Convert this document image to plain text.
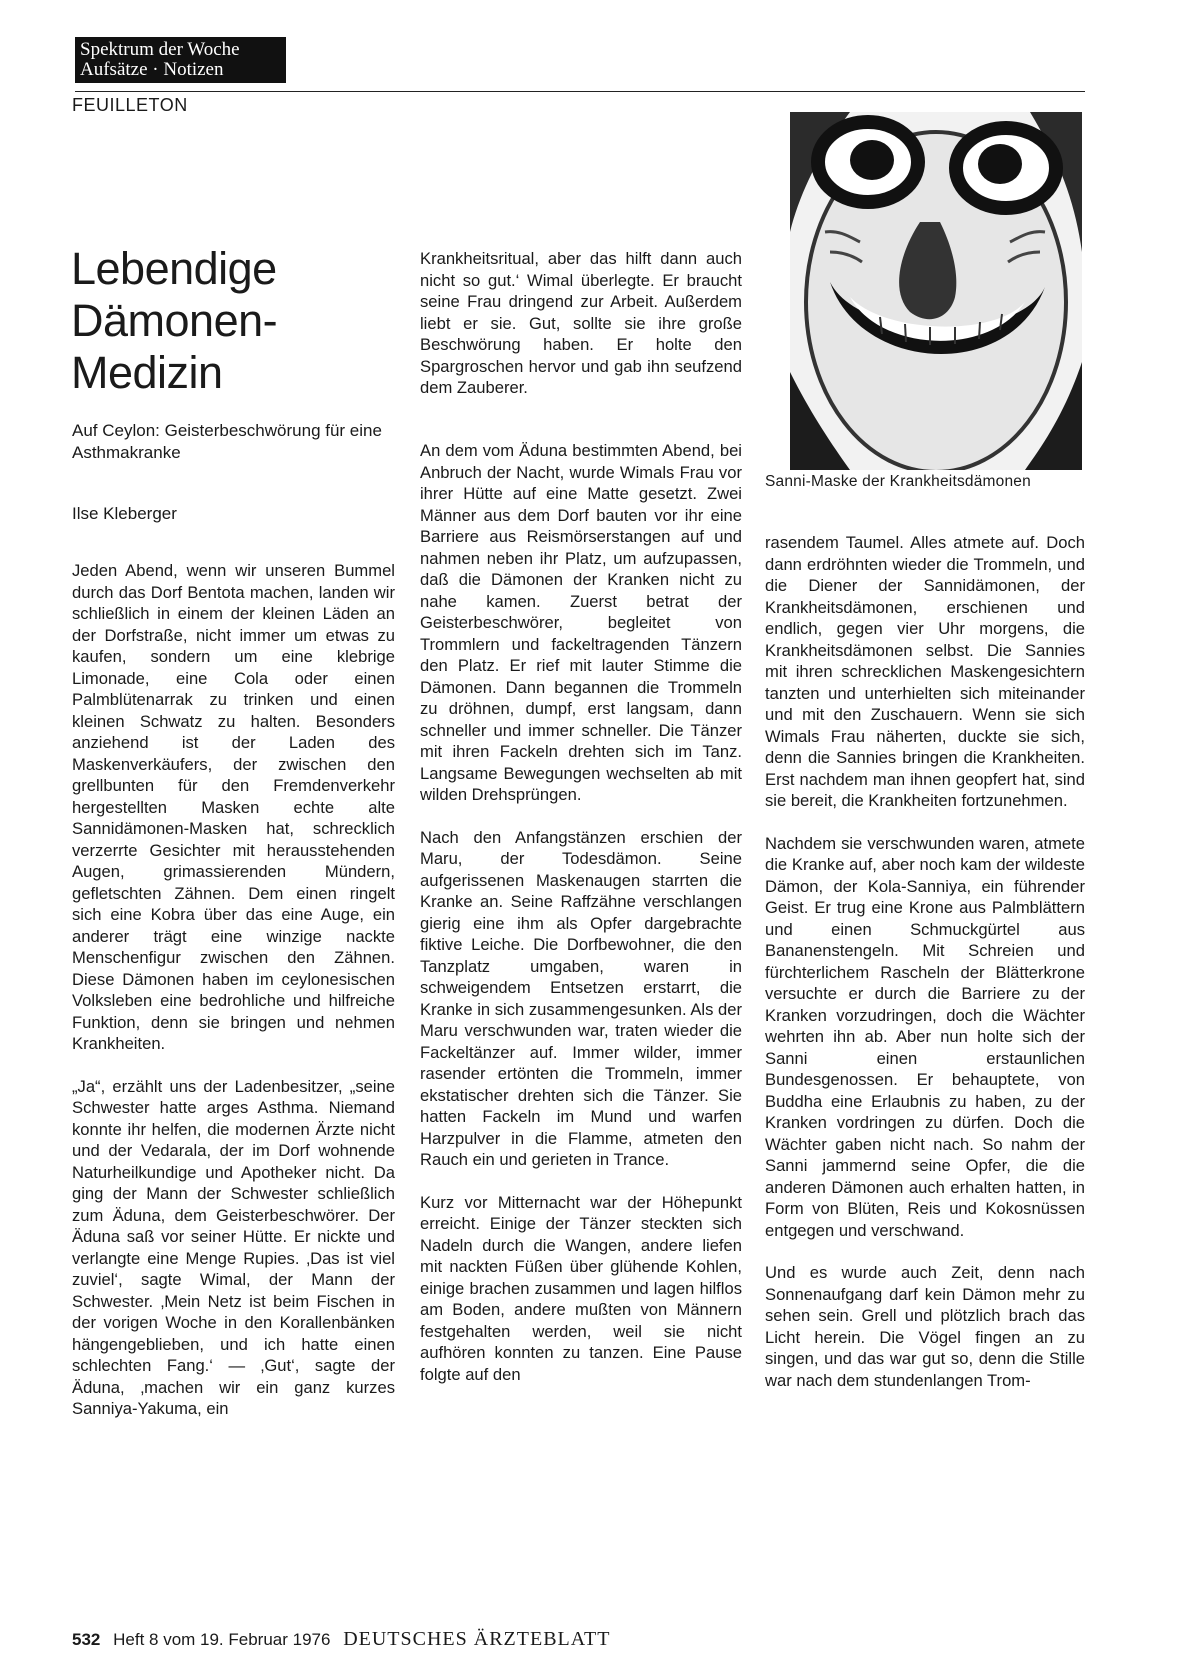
Spektrum der Woche
Aufsätze · Notizen
FEUILLETON
Lebendige
Dämonen-
Medizin
Auf Ceylon: Geisterbeschwörung für eine Asthmakranke
Ilse Kleberger

Jeden Abend, wenn wir unseren Bummel durch das Dorf Bentota machen, landen wir schließlich in einem der kleinen Läden an der Dorfstraße, nicht immer um etwas zu kaufen, sondern um eine klebrige Limonade, eine Cola oder einen Palmblütenarrak zu trinken und einen kleinen Schwatz zu halten. Besonders anziehend ist der Laden des Maskenverkäufers, der zwischen den grellbunten für den Fremdenverkehr hergestellten Masken echte alte Sannidämonen-Masken hat, schrecklich verzerrte Gesichter mit herausstehenden Augen, grimassierenden Mündern, gefletschten Zähnen. Dem einen ringelt sich eine Kobra über das eine Auge, ein anderer trägt eine winzige nackte Menschenfigur zwischen den Zähnen. Diese Dämonen haben im ceylonesischen Volksleben eine bedrohliche und hilfreiche Funktion, denn sie bringen und nehmen Krankheiten.

„Ja“, erzählt uns der Ladenbesitzer, „seine Schwester hatte arges Asthma. Niemand konnte ihr helfen, die modernen Ärzte nicht und der Vedarala, der im Dorf wohnende Naturheilkundige und Apotheker nicht. Da ging der Mann der Schwester schließlich zum Äduna, dem Geisterbeschwörer. Der Äduna saß vor seiner Hütte. Er nickte und verlangte eine Menge Rupies. ‚Das ist viel zuviel‘, sagte Wimal, der Mann der Schwester. ‚Mein Netz ist beim Fischen in der vorigen Woche in den Korallenbänken hängengeblieben, und ich hatte einen schlechten Fang.‘ — ‚Gut‘, sagte der Äduna, ‚machen wir ein ganz kurzes Sanniya-Yakuma, ein

Krankheitsritual, aber das hilft dann auch nicht so gut.‘ Wimal überlegte. Er braucht seine Frau dringend zur Arbeit. Außerdem liebt er sie. Gut, sollte sie ihre große Beschwörung haben. Er holte den Spargroschen hervor und gab ihn seufzend dem Zauberer.

An dem vom Äduna bestimmten Abend, bei Anbruch der Nacht, wurde Wimals Frau vor ihrer Hütte auf eine Matte gesetzt. Zwei Männer aus dem Dorf bauten vor ihr eine Barriere aus Reismörserstangen auf und nahmen neben ihr Platz, um aufzupassen, daß die Dämonen der Kranken nicht zu nahe kamen. Zuerst betrat der Geisterbeschwörer, begleitet von Trommlern und fackeltragenden Tänzern den Platz. Er rief mit lauter Stimme die Dämonen. Dann begannen die Trommeln zu dröhnen, dumpf, erst langsam, dann schneller und immer schneller. Die Tänzer mit ihren Fackeln drehten sich im Tanz. Langsame Bewegungen wechselten ab mit wilden Drehsprüngen.

Nach den Anfangstänzen erschien der Maru, der Todesdämon. Seine aufgerissenen Maskenaugen starrten die Kranke an. Seine Raffzähne verschlangen gierig eine ihm als Opfer dargebrachte fiktive Leiche. Die Dorfbewohner, die den Tanzplatz umgaben, waren in schweigendem Entsetzen erstarrt, die Kranke in sich zusammengesunken. Als der Maru verschwunden war, traten wieder die Fackeltänzer auf. Immer wilder, immer rasender ertönten die Trommeln, immer ekstatischer drehten sich die Tänzer. Sie hatten Fackeln im Mund und warfen Harzpulver in die Flamme, atmeten den Rauch ein und gerieten in Trance.

Kurz vor Mitternacht war der Höhepunkt erreicht. Einige der Tänzer steckten sich Nadeln durch die Wangen, andere liefen mit nackten Füßen über glühende Kohlen, einige brachen zusammen und lagen hilflos am Boden, andere mußten von Männern festgehalten werden, weil sie nicht aufhören konnten zu tanzen. Eine Pause folgte auf den

Sanni-Maske der Krankheitsdämonen

rasendem Taumel. Alles atmete auf. Doch dann erdröhnten wieder die Trommeln, und die Diener der Sannidämonen, der Krankheitsdämonen, erschienen und endlich, gegen vier Uhr morgens, die Krankheitsdämonen selbst. Die Sannies mit ihren schrecklichen Maskengesichtern tanzten und unterhielten sich miteinander und mit den Zuschauern. Wenn sie sich Wimals Frau näherten, duckte sie sich, denn die Sannies bringen die Krankheiten. Erst nachdem man ihnen geopfert hat, sind sie bereit, die Krankheiten fortzunehmen.

Nachdem sie verschwunden waren, atmete die Kranke auf, aber noch kam der wildeste Dämon, der Kola-Sanniya, ein führender Geist. Er trug eine Krone aus Palmblättern und einen Schmuckgürtel aus Bananenstengeln. Mit Schreien und fürchterlichem Rascheln der Blätterkrone versuchte er durch die Barriere zu der Kranken vorzudringen, doch die Wächter wehrten ihn ab. Aber nun holte sich der Sanni einen erstaunlichen Bundesgenossen. Er behauptete, von Buddha eine Erlaubnis zu haben, zu der Kranken vordringen zu dürfen. Doch die Wächter gaben nicht nach. So nahm der Sanni jammernd seine Opfer, die die anderen Dämonen auch erhalten hatten, in Form von Blüten, Reis und Kokosnüssen entgegen und verschwand.

Und es wurde auch Zeit, denn nach Sonnenaufgang darf kein Dämon mehr zu sehen sein. Grell und plötzlich brach das Licht herein. Die Vögel fingen an zu singen, und das war gut so, denn die Stille war nach dem stundenlangen Trom-

532 Heft 8 vom 19. Februar 1976 DEUTSCHES ÄRZTEBLATT
